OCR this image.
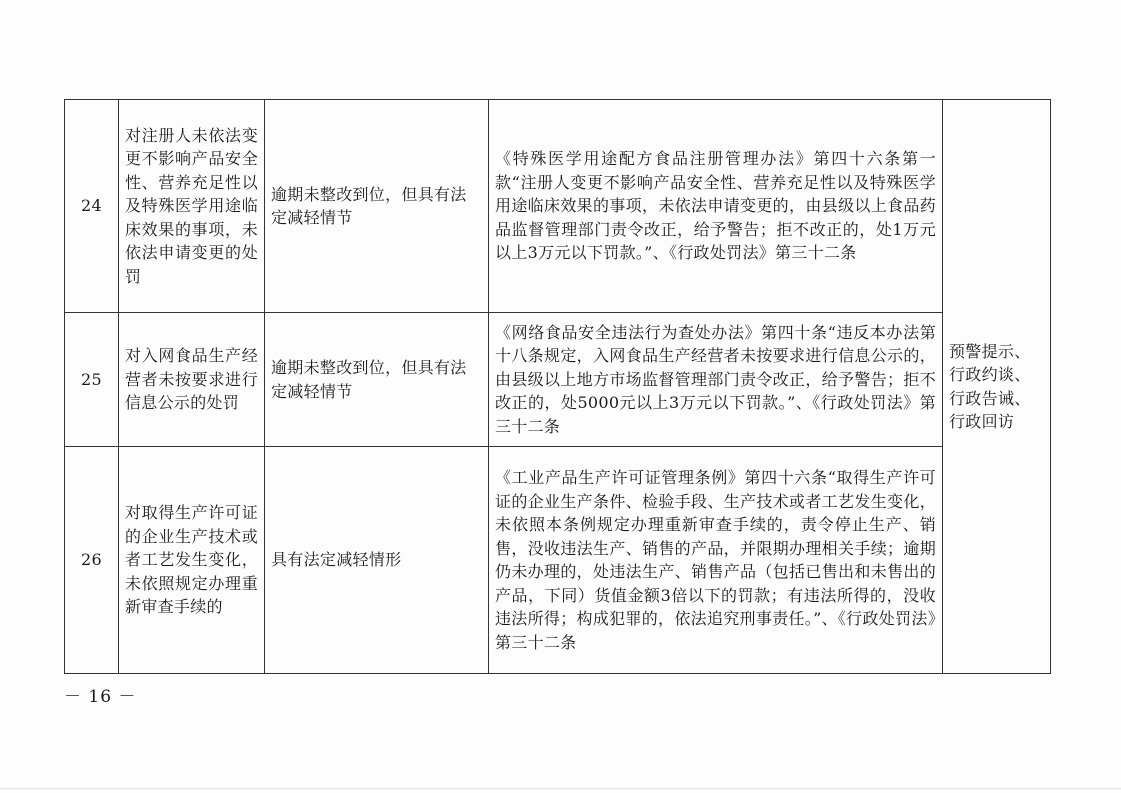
24	对注册人未依法变更不影响产品安全性、营养充足性以及特殊医学用途临床效果的事项，未依法申请变更的处罚	逾期未整改到位，但具有法定减轻情节	《特殊医学用途配方食品注册管理办法》第四十六条第一款“注册人变更不影响产品安全性、营养充足性以及特殊医学用途临床效果的事项，未依法申请变更的，由县级以上食品药品监督管理部门责令改正，给予警告；拒不改正的，处1万元以上3万元以下罚款。”、《行政处罚法》第三十二条	预警提示、行政约谈、行政告诫、行政回访
25	对入网食品生产经营者未按要求进行信息公示的处罚	逾期未整改到位，但具有法定减轻情节	《网络食品安全违法行为查处办法》第四十条“违反本办法第十八条规定，入网食品生产经营者未按要求进行信息公示的，由县级以上地方市场监督管理部门责令改正，给予警告；拒不改正的，处5000元以上3万元以下罚款。”、《行政处罚法》第三十二条	
26	对取得生产许可证的企业生产技术或者工艺发生变化，未依照规定办理重新审查手续的	具有法定减轻情形	《工业产品生产许可证管理条例》第四十六条“取得生产许可证的企业生产条件、检验手段、生产技术或者工艺发生变化，未依照本条例规定办理重新审查手续的，责令停止生产、销售，没收违法生产、销售的产品，并限期办理相关手续；逾期仍未办理的，处违法生产、销售产品（包括已售出和未售出的产品，下同）货值金额3倍以下的罚款；有违法所得的，没收违法所得；构成犯罪的，依法追究刑事责任。”、《行政处罚法》第三十二条	
－ 16 －
